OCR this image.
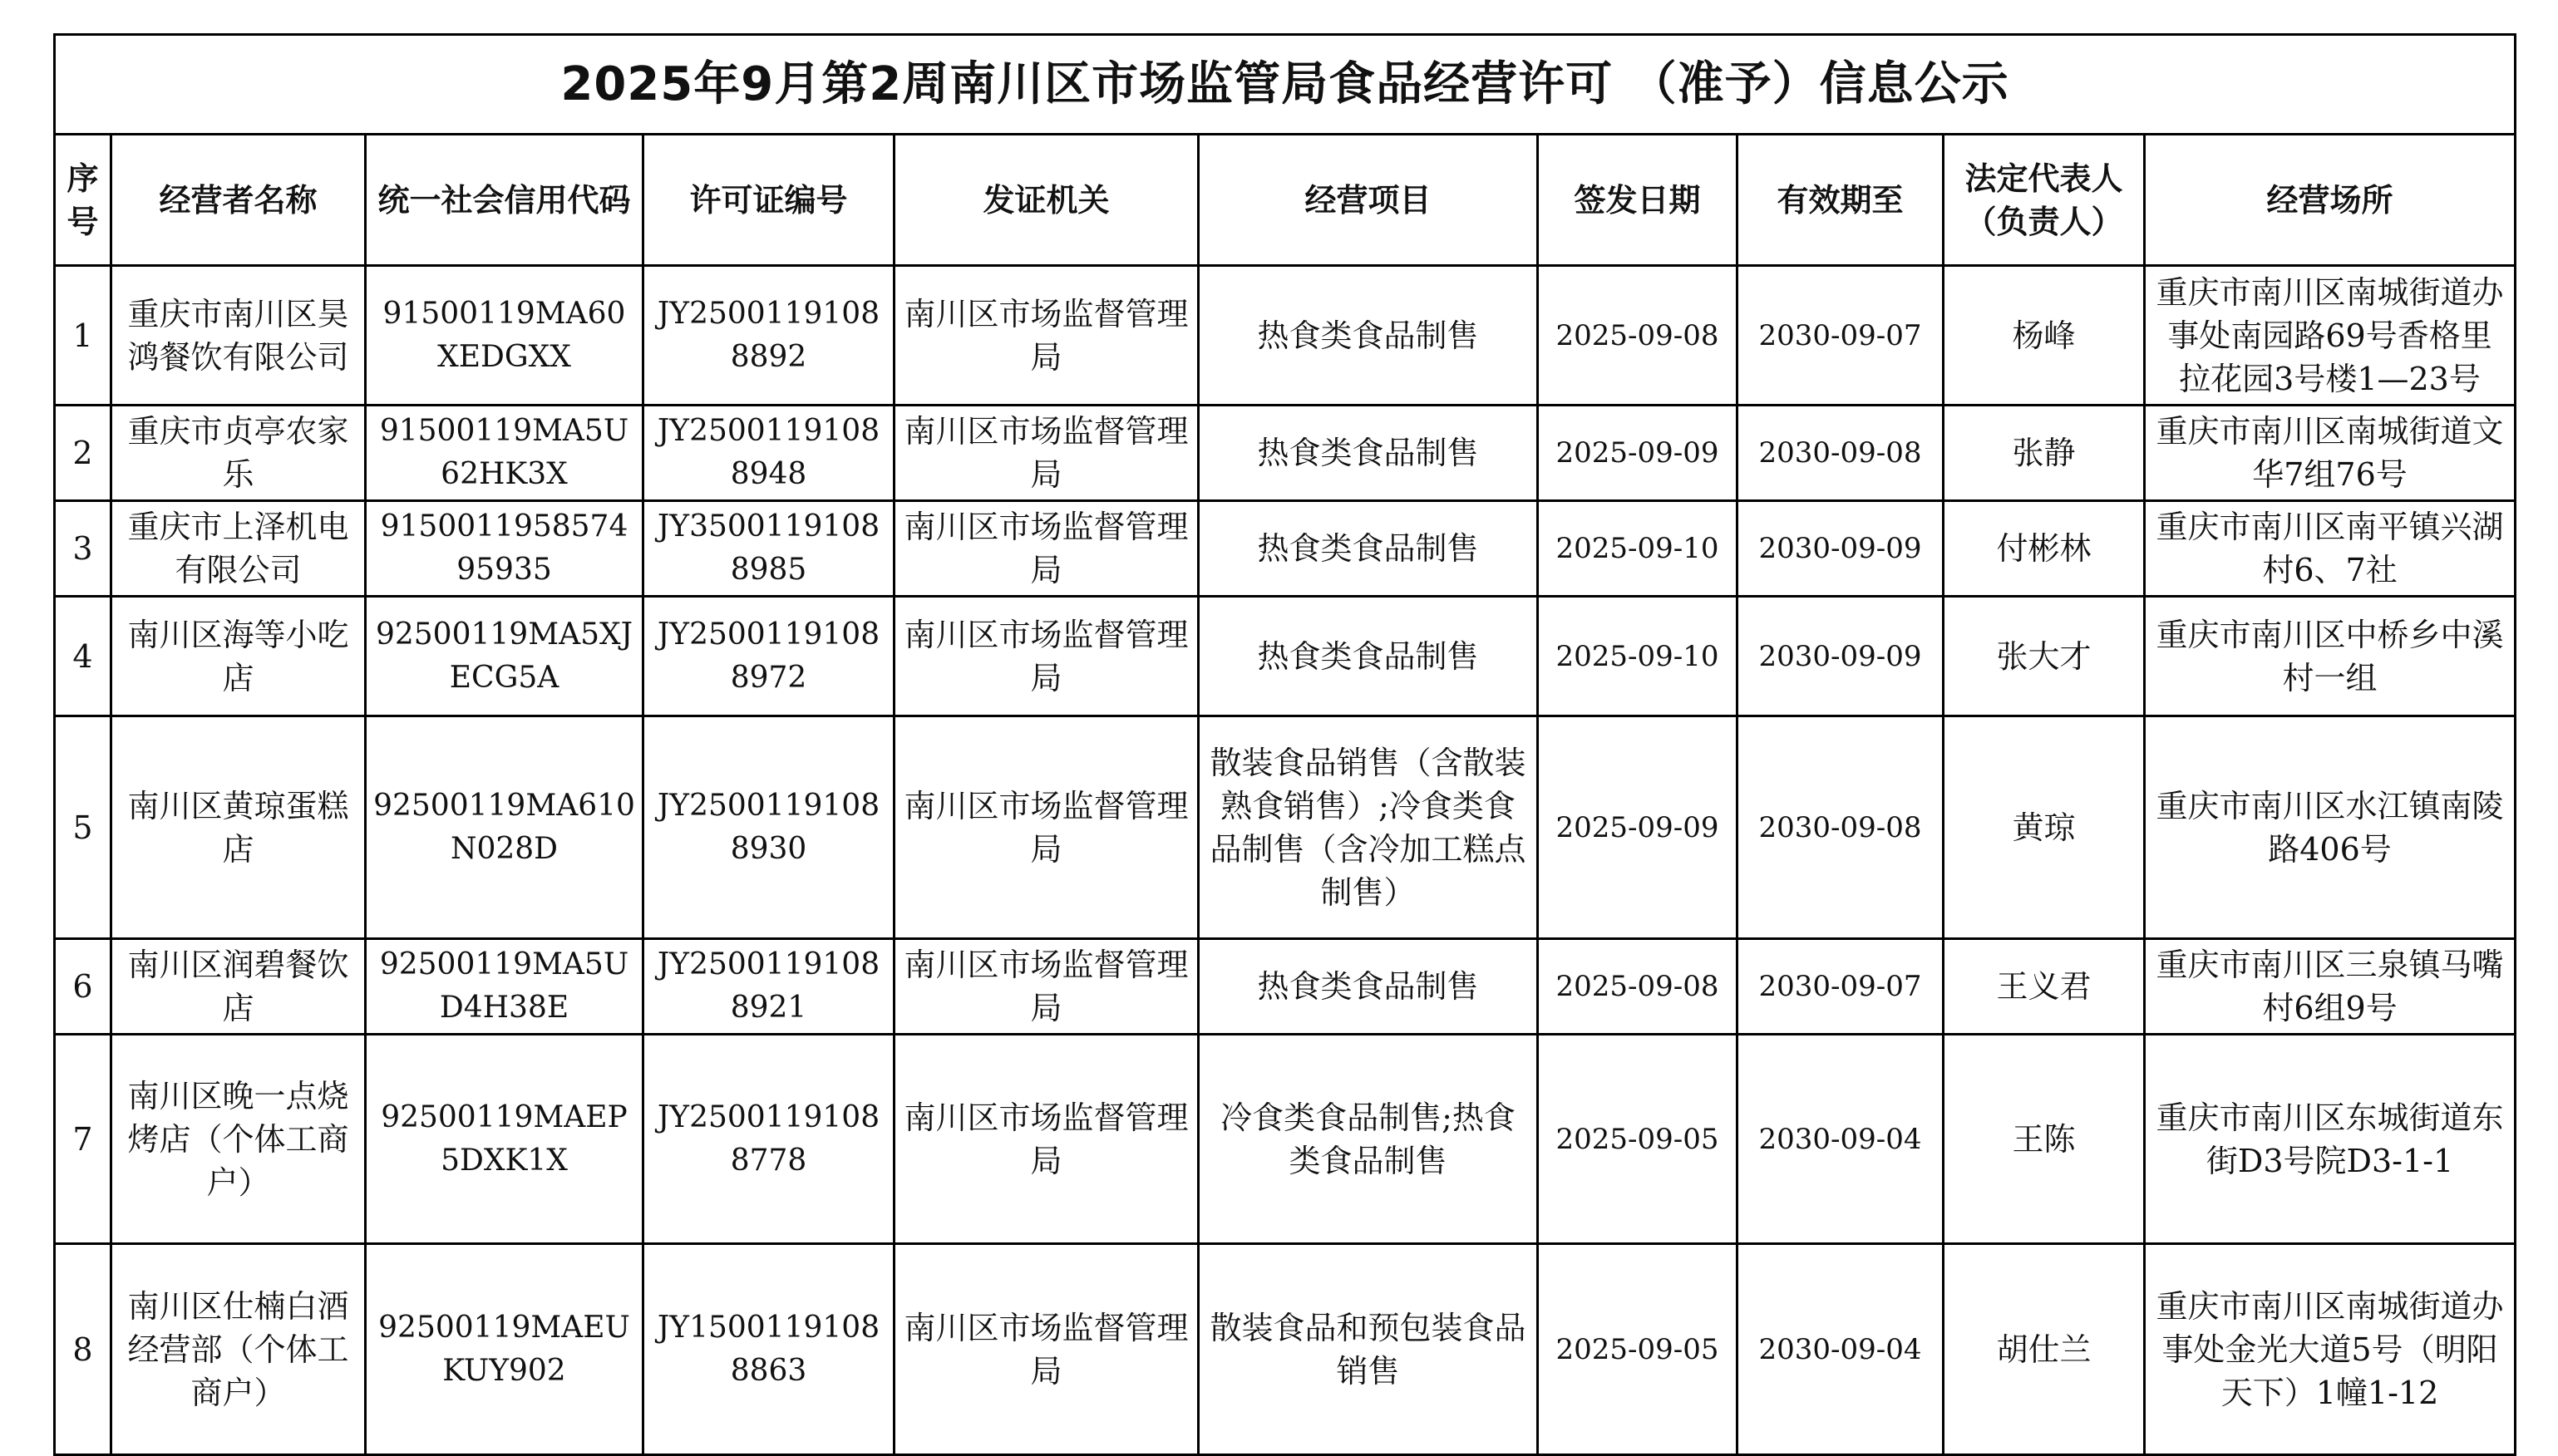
2025年9月第2周南川区市场监管局食品经营许可 （准予）信息公示									
序号	经营者名称	统一社会信用代码	许可证编号	发证机关	经营项目	签发日期	有效期至	法定代表人（负责人）	经营场所
1	重庆市南川区昊鸿餐饮有限公司	91500119MA60XEDGXX	JY25001191088892	南川区市场监督管理局	热食类食品制售	2025-09-08	2030-09-07	杨峰	重庆市南川区南城街道办事处南园路69号香格里拉花园3号楼1—23号
2	重庆市贞亭农家乐	91500119MA5U62HK3X	JY25001191088948	南川区市场监督管理局	热食类食品制售	2025-09-09	2030-09-08	张静	重庆市南川区南城街道文华7组76号
3	重庆市上泽机电有限公司	915001195857495935	JY35001191088985	南川区市场监督管理局	热食类食品制售	2025-09-10	2030-09-09	付彬林	重庆市南川区南平镇兴湖村6、7社
4	南川区海等小吃店	92500119MA5XJECG5A	JY25001191088972	南川区市场监督管理局	热食类食品制售	2025-09-10	2030-09-09	张大才	重庆市南川区中桥乡中溪村一组
5	南川区黄琼蛋糕店	92500119MA610N028D	JY25001191088930	南川区市场监督管理局	散装食品销售（含散装熟食销售）;冷食类食品制售（含冷加工糕点制售）	2025-09-09	2030-09-08	黄琼	重庆市南川区水江镇南陵路406号
6	南川区润碧餐饮店	92500119MA5UD4H38E	JY25001191088921	南川区市场监督管理局	热食类食品制售	2025-09-08	2030-09-07	王义君	重庆市南川区三泉镇马嘴村6组9号
7	南川区晚一点烧烤店（个体工商户）	92500119MAEP5DXK1X	JY25001191088778	南川区市场监督管理局	冷食类食品制售;热食类食品制售	2025-09-05	2030-09-04	王陈	重庆市南川区东城街道东街D3号院D3-1-1
8	南川区仕楠白酒经营部（个体工商户）	92500119MAEUKUY902	JY15001191088863	南川区市场监督管理局	散装食品和预包装食品销售	2025-09-05	2030-09-04	胡仕兰	重庆市南川区南城街道办事处金光大道5号（明阳天下）1幢1-12
